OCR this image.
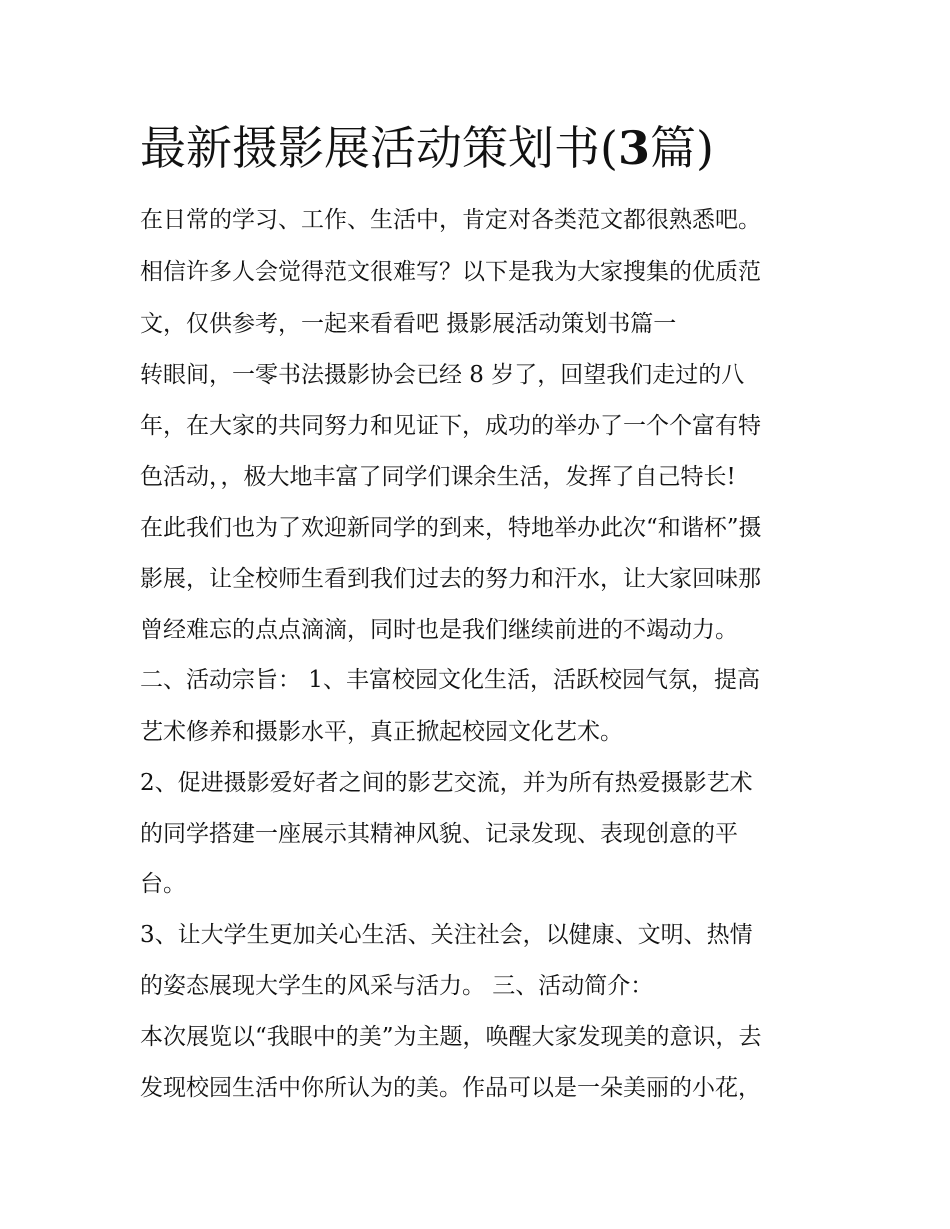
最新摄影展活动策划书(3篇)

在日常的学习、工作、生活中，肯定对各类范文都很熟悉吧。

相信许多人会觉得范文很难写？以下是我为大家搜集的优质范

文，仅供参考，一起来看看吧 摄影展活动策划书篇一

转眼间，一零书法摄影协会已经 8 岁了，回望我们走过的八

年，在大家的共同努力和见证下，成功的举办了一个个富有特

色活动，，极大地丰富了同学们课余生活，发挥了自己特长!

在此我们也为了欢迎新同学的到来，特地举办此次“和谐杯”摄

影展，让全校师生看到我们过去的努力和汗水，让大家回味那

曾经难忘的点点滴滴，同时也是我们继续前进的不竭动力。

二、活动宗旨： 1、丰富校园文化生活，活跃校园气氛，提高

艺术修养和摄影水平，真正掀起校园文化艺术。

2、促进摄影爱好者之间的影艺交流，并为所有热爱摄影艺术

的同学搭建一座展示其精神风貌、记录发现、表现创意的平

台。

3、让大学生更加关心生活、关注社会，以健康、文明、热情

的姿态展现大学生的风采与活力。 三、活动简介：

本次展览以“我眼中的美”为主题，唤醒大家发现美的意识，去

发现校园生活中你所认为的美。作品可以是一朵美丽的小花，
